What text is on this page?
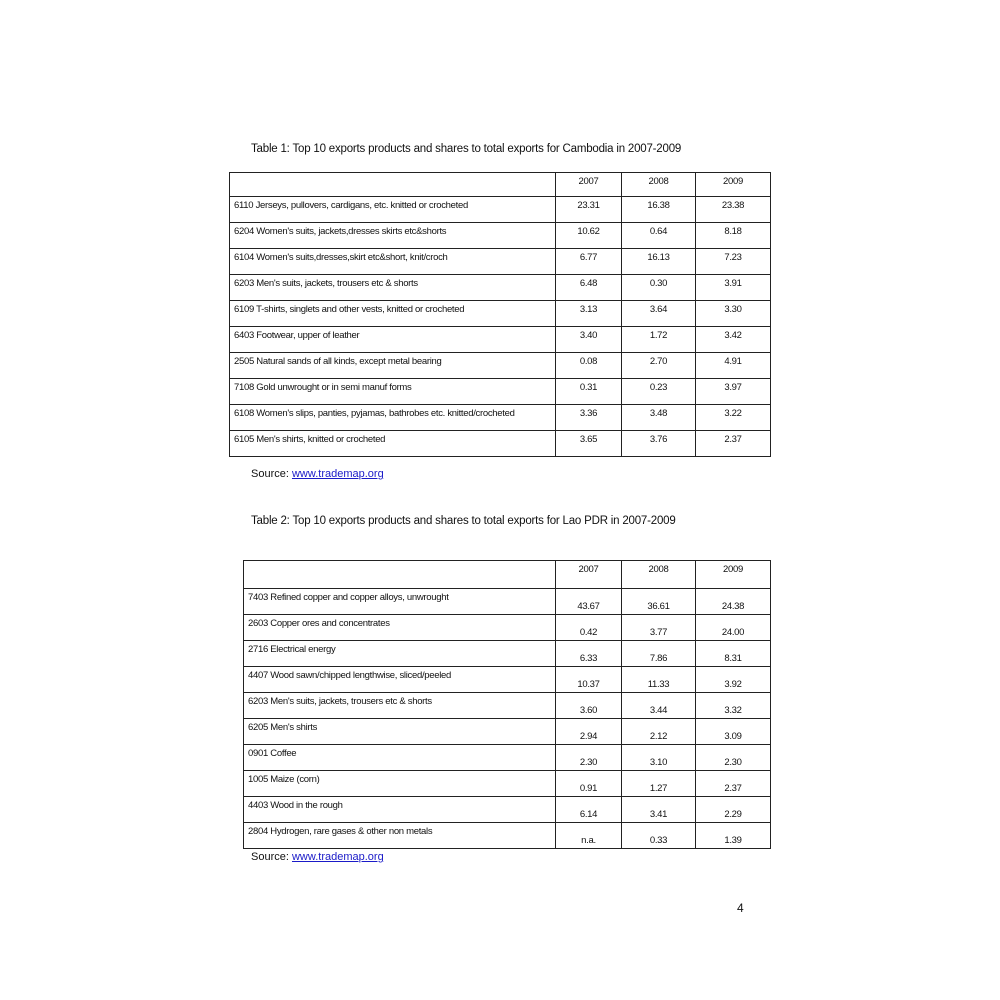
Table 1: Top 10 exports products and shares to total exports for Cambodia in 2007-2009
	2007	2008	2009
6110 Jerseys, pullovers, cardigans, etc. knitted or crocheted	23.31	16.38	23.38
6204 Women's suits, jackets,dresses skirts etc&shorts	10.62	0.64	8.18
6104 Women's suits,dresses,skirt etc&short, knit/croch	6.77	16.13	7.23
6203 Men's suits, jackets, trousers etc & shorts	6.48	0.30	3.91
6109 T-shirts, singlets and other vests, knitted or crocheted	3.13	3.64	3.30
6403 Footwear, upper of leather	3.40	1.72	3.42
2505 Natural sands of all kinds, except metal bearing	0.08	2.70	4.91
7108 Gold unwrought or in semi manuf forms	0.31	0.23	3.97
6108 Women's slips, panties, pyjamas, bathrobes etc. knitted/crocheted	3.36	3.48	3.22
6105 Men's shirts, knitted or crocheted	3.65	3.76	2.37
Source: www.trademap.org
Table 2: Top 10 exports products and shares to total exports for Lao PDR in 2007-2009
	2007	2008	2009
7403 Refined copper and copper alloys, unwrought	43.67	36.61	24.38
2603 Copper ores and concentrates	0.42	3.77	24.00
2716 Electrical energy	6.33	7.86	8.31
4407 Wood sawn/chipped lengthwise, sliced/peeled	10.37	11.33	3.92
6203 Men's suits, jackets, trousers etc & shorts	3.60	3.44	3.32
6205 Men's shirts	2.94	2.12	3.09
0901 Coffee	2.30	3.10	2.30
1005 Maize (corn)	0.91	1.27	2.37
4403 Wood in the rough	6.14	3.41	2.29
2804 Hydrogen, rare gases & other non metals	n.a.	0.33	1.39
Source: www.trademap.org
4
